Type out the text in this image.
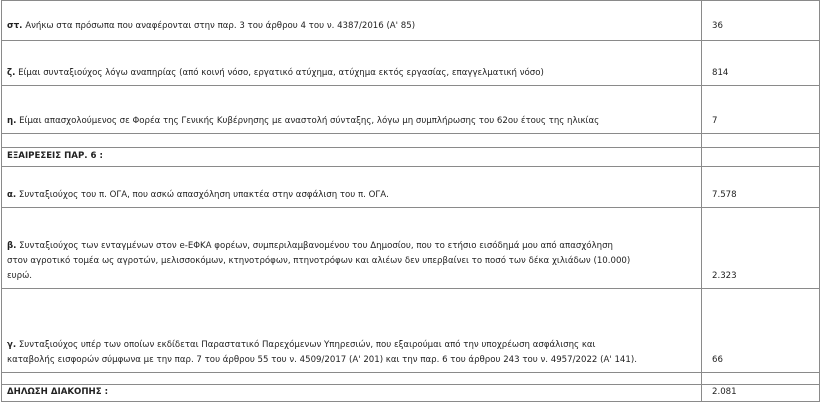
στ. Ανήκω στα πρόσωπα που αναφέρονται στην παρ. 3 του άρθρου 4 του ν. 4387/2016 (Α' 85)	36
ζ. Είμαι συνταξιούχος λόγω αναπηρίας (από κοινή νόσο, εργατικό ατύχημα, ατύχημα εκτός εργασίας, επαγγελματική νόσο)	814
η. Είμαι απασχολούμενος σε Φορέα της Γενικής Κυβέρνησης με αναστολή σύνταξης, λόγω μη συμπλήρωσης του 62ου έτους της ηλικίας	7

ΕΞΑΙΡΕΣΕΙΣ ΠΑΡ. 6 :	
α. Συνταξιούχος του π. ΟΓΑ, που ασκώ απασχόληση υπακτέα στην ασφάλιση του π. ΟΓΑ.	7.578
β. Συνταξιούχος των ενταγμένων στον e-ΕΦΚΑ φορέων, συμπεριλαμβανομένου του Δημοσίου, που το ετήσιο εισόδημά μου από απασχόληση
στον αγροτικό τομέα ως αγροτών, μελισσοκόμων, κτηνοτρόφων, πτηνοτρόφων και αλιέων δεν υπερβαίνει το ποσό των δέκα χιλιάδων (10.000)
ευρώ.	2.323
γ. Συνταξιούχος υπέρ των οποίων εκδίδεται Παραστατικό Παρεχόμενων Υπηρεσιών, που εξαιρούμαι από την υποχρέωση ασφάλισης και
καταβολής εισφορών σύμφωνα με την παρ. 7 του άρθρου 55 του ν. 4509/2017 (Α' 201) και την παρ. 6 του άρθρου 243 του ν. 4957/2022 (Α' 141).	66

ΔΗΛΩΣΗ ΔΙΑΚΟΠΗΣ :	2.081
